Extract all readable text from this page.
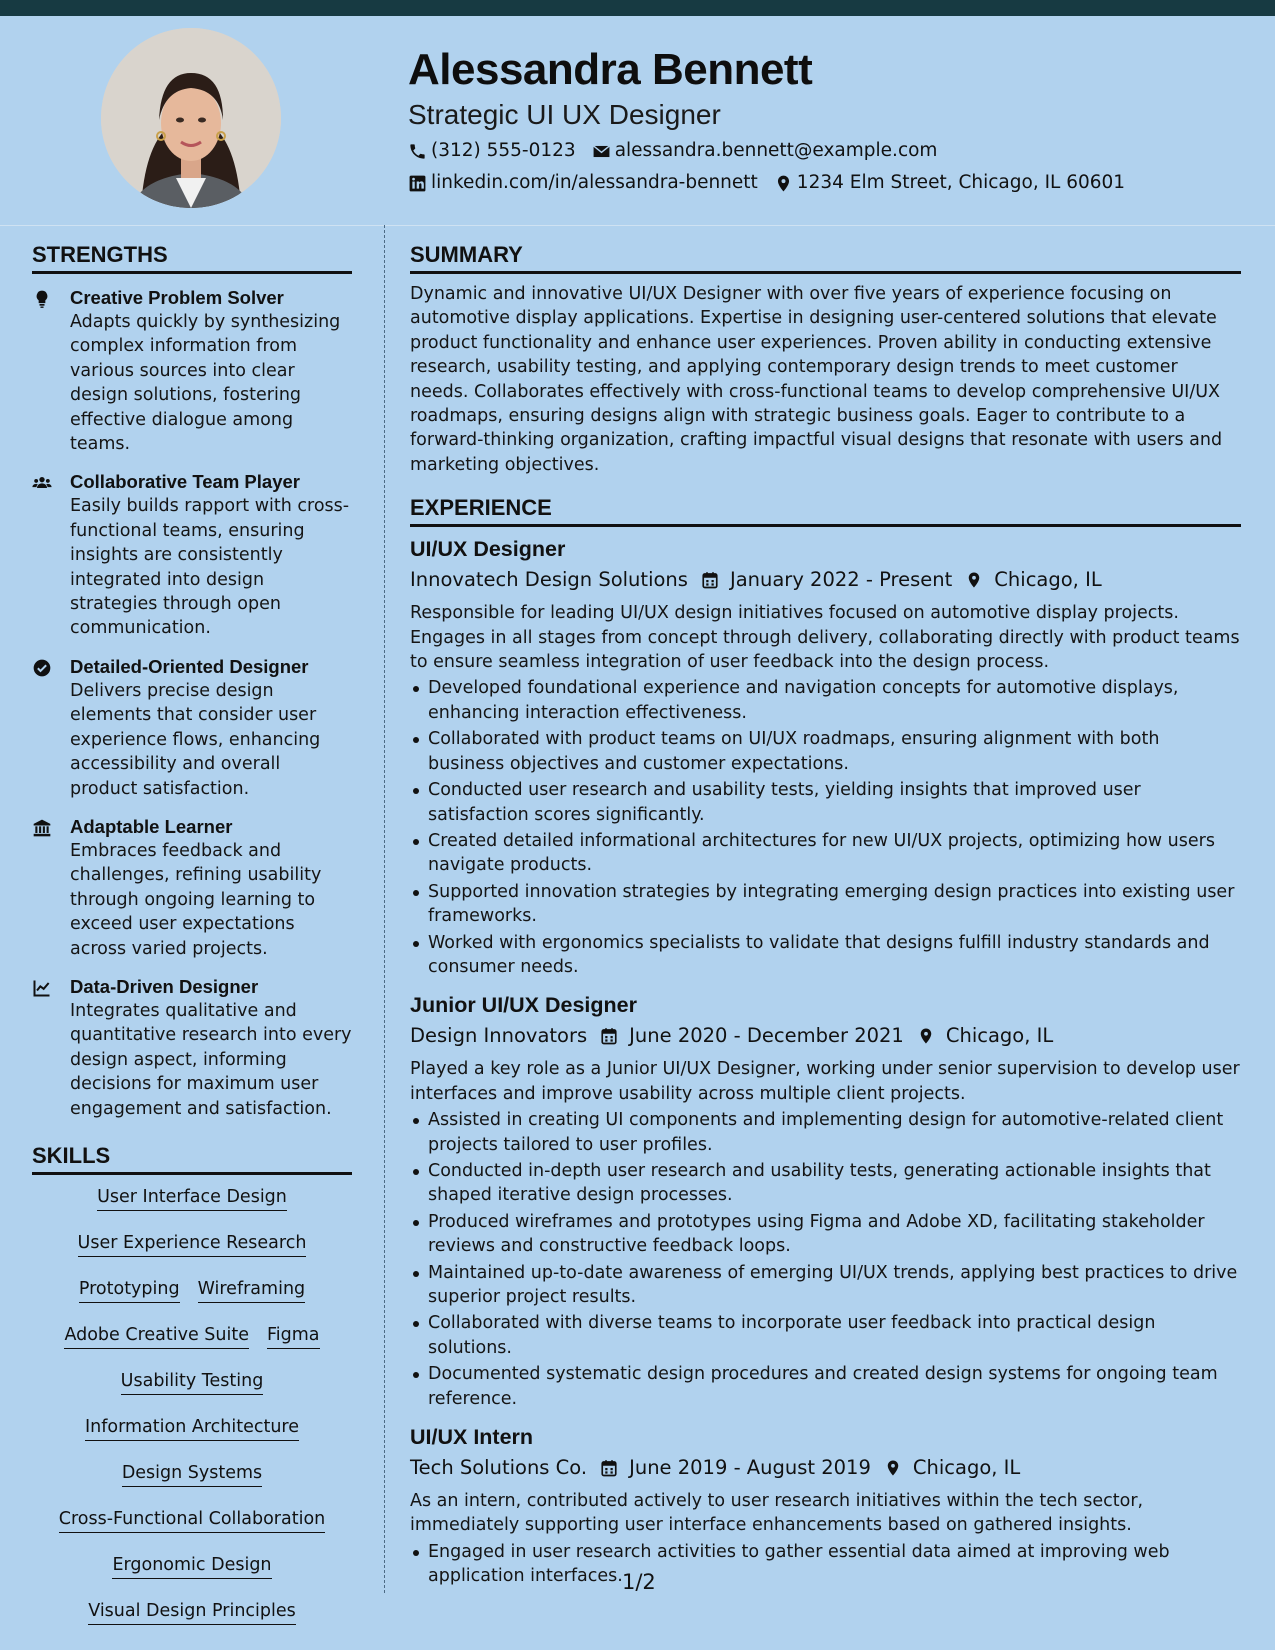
Alessandra Bennett
Strategic UI UX Designer
(312) 555-0123 alessandra.bennett@example.com
linkedin.com/in/alessandra-bennett 1234 Elm Street, Chicago, IL 60601
STRENGTHS
Creative Problem Solver
Adapts quickly by synthesizing complex information from various sources into clear design solutions, fostering effective dialogue among teams.
Collaborative Team Player
Easily builds rapport with cross-functional teams, ensuring insights are consistently integrated into design strategies through open communication.
Detailed-Oriented Designer
Delivers precise design elements that consider user experience flows, enhancing accessibility and overall product satisfaction.
Adaptable Learner
Embraces feedback and challenges, refining usability through ongoing learning to exceed user expectations across varied projects.
Data-Driven Designer
Integrates qualitative and quantitative research into every design aspect, informing decisions for maximum user engagement and satisfaction.
SKILLS
User Interface Design
User Experience Research
Prototyping Wireframing
Adobe Creative Suite Figma
Usability Testing
Information Architecture
Design Systems
Cross-Functional Collaboration
Ergonomic Design
Visual Design Principles
SUMMARY
Dynamic and innovative UI/UX Designer with over five years of experience focusing on automotive display applications. Expertise in designing user-centered solutions that elevate product functionality and enhance user experiences. Proven ability in conducting extensive research, usability testing, and applying contemporary design trends to meet customer needs. Collaborates effectively with cross-functional teams to develop comprehensive UI/UX roadmaps, ensuring designs align with strategic business goals. Eager to contribute to a forward-thinking organization, crafting impactful visual designs that resonate with users and marketing objectives.
EXPERIENCE
UI/UX Designer
Innovatech Design Solutions January 2022 - Present Chicago, IL
Responsible for leading UI/UX design initiatives focused on automotive display projects. Engages in all stages from concept through delivery, collaborating directly with product teams to ensure seamless integration of user feedback into the design process.
Developed foundational experience and navigation concepts for automotive displays, enhancing interaction effectiveness.
Collaborated with product teams on UI/UX roadmaps, ensuring alignment with both business objectives and customer expectations.
Conducted user research and usability tests, yielding insights that improved user satisfaction scores significantly.
Created detailed informational architectures for new UI/UX projects, optimizing how users navigate products.
Supported innovation strategies by integrating emerging design practices into existing user frameworks.
Worked with ergonomics specialists to validate that designs fulfill industry standards and consumer needs.
Junior UI/UX Designer
Design Innovators June 2020 - December 2021 Chicago, IL
Played a key role as a Junior UI/UX Designer, working under senior supervision to develop user interfaces and improve usability across multiple client projects.
Assisted in creating UI components and implementing design for automotive-related client projects tailored to user profiles.
Conducted in-depth user research and usability tests, generating actionable insights that shaped iterative design processes.
Produced wireframes and prototypes using Figma and Adobe XD, facilitating stakeholder reviews and constructive feedback loops.
Maintained up-to-date awareness of emerging UI/UX trends, applying best practices to drive superior project results.
Collaborated with diverse teams to incorporate user feedback into practical design solutions.
Documented systematic design procedures and created design systems for ongoing team reference.
UI/UX Intern
Tech Solutions Co. June 2019 - August 2019 Chicago, IL
As an intern, contributed actively to user research initiatives within the tech sector, immediately supporting user interface enhancements based on gathered insights.
Engaged in user research activities to gather essential data aimed at improving web application interfaces. 1/2
